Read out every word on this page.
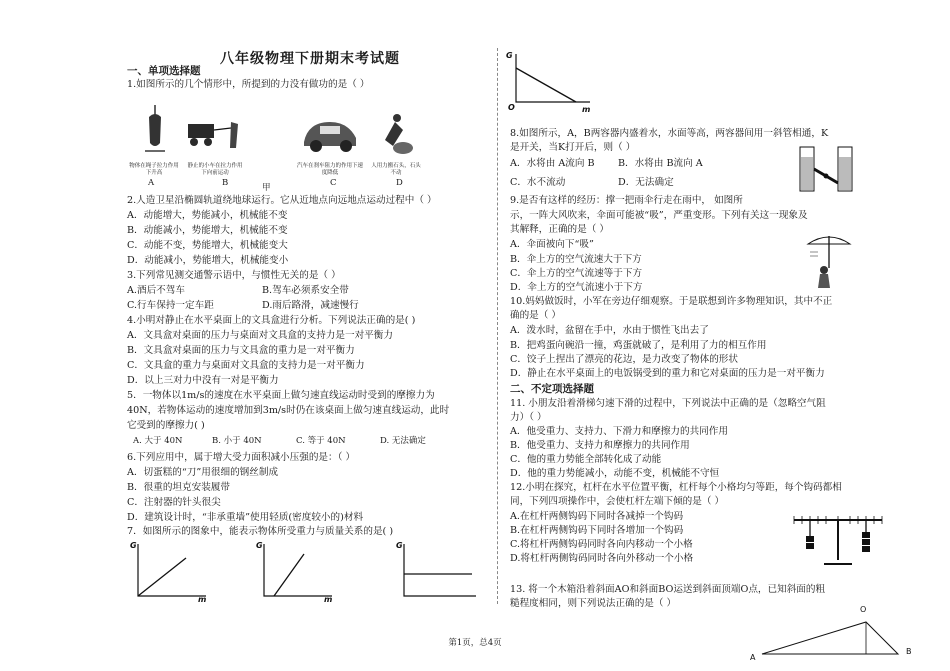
八年级物理下册期末考试题
一、单项选择题
1.如图所示的几个情形中，所提到的力没有做功的是（ ）
物体在绳子拉力作用下升高
静止的小车在拉力作用下向前运动
汽车在刹车阻力的作用下速度降低
人用力搬石头，石头不动
A	B	甲	C	D
2.人造卫星沿椭圆轨道绕地球运行。它从近地点向远地点运动过程中（ ）
A．动能增大，势能减小，机械能不变
B．动能减小，势能增大，机械能不变
C．动能不变，势能增大，机械能变大
D．动能减小，势能增大，机械能变小
3.下列常见测交通警示语中，与惯性无关的是（ ）
A.酒后不驾车	B.驾车必须系安全带
C.行车保持一定车距	D.雨后路滑，减速慢行
4.小明对静止在水平桌面上的文具盒进行分析。下列说法正确的是( )
A．文具盒对桌面的压力与桌面对文具盒的支持力是一对平衡力
B．文具盒对桌面的压力与文具盒的重力是一对平衡力
C．文具盒的重力与桌面对文具盒的支持力是一对平衡力
D．以上三对力中没有一对是平衡力
5．一物体以1m/s的速度在水平桌面上做匀速直线运动时受到的摩擦力为
40N，若物体运动的速度增加到3m/s时仍在该桌面上做匀速直线运动，此时
它受到的摩擦力( )
A. 大于 40N	B. 小于 40N	C. 等于 40N	D. 无法确定
6.下列应用中，属于增大受力面积减小压强的是：（ ）
A．切蛋糕的“刀”用很细的钢丝制成
B．很重的坦克安装履带
C．注射器的针头很尖
D．建筑设计时，“非承重墙”使用轻质(密度较小的)材料
7．如图所示的图象中，能表示物体所受重力与质量关系的是( )
G
m
G
m
G
G
O	m
8.如图所示，A，B两容器内盛着水，水面等高，两容器间用一斜管相通，K
是开关，当K打开后，则（ ）
A．水将由 A流向 B B．水将由 B流向 A
C．水不流动	D．无法确定
9.是否有这样的经历：撑一把雨伞行走在雨中， 如图所
示，一阵大风吹来，伞面可能被“吸”，严重变形。下列有关这一现象及
其解释，正确的是（ ）
A．伞面被向下“吸”
B．伞上方的空气流速大于下方
C．伞上方的空气流速等于下方
D．伞上方的空气流速小于下方
10.妈妈做饭时，小军在旁边仔细观察。于是联想到许多物理知识，其中不正
确的是（ ）
A．泼水时，盆留在手中，水由于惯性飞出去了
B．把鸡蛋向碗沿一撞，鸡蛋就破了，是利用了力的相互作用
C．饺子上捏出了漂亮的花边，是力改变了物体的形状
D．静止在水平桌面上的电饭锅受到的重力和它对桌面的压力是一对平衡力
二、不定项选择题
11. 小朋友沿着滑梯匀速下滑的过程中，下列说法中正确的是（忽略空气阻
力）（ ）
A．他受重力、支持力、下滑力和摩擦力的共同作用
B．他受重力、支持力和摩擦力的共同作用
C．他的重力势能全部转化成了动能
D．他的重力势能减小，动能不变，机械能不守恒
12.小明在探究，杠杆在水平位置平衡，杠杆每个小格均匀等距，每个钩码都相
同，下列四项操作中，会使杠杆左端下倾的是（ ）
A.在杠杆两侧钩码下同时各减掉一个钩码
B.在杠杆两侧钩码下同时各增加一个钩码
C.将杠杆两侧钩码同时各向内移动一个小格
D.将杠杆两侧钩码同时各向外移动一个小格
13. 将一个木箱沿着斜面AO和斜面BO运送到斜面顶端O点，已知斜面的粗
糙程度相同，则下列说法正确的是（ ）
O
A
B
第1页，总4页
